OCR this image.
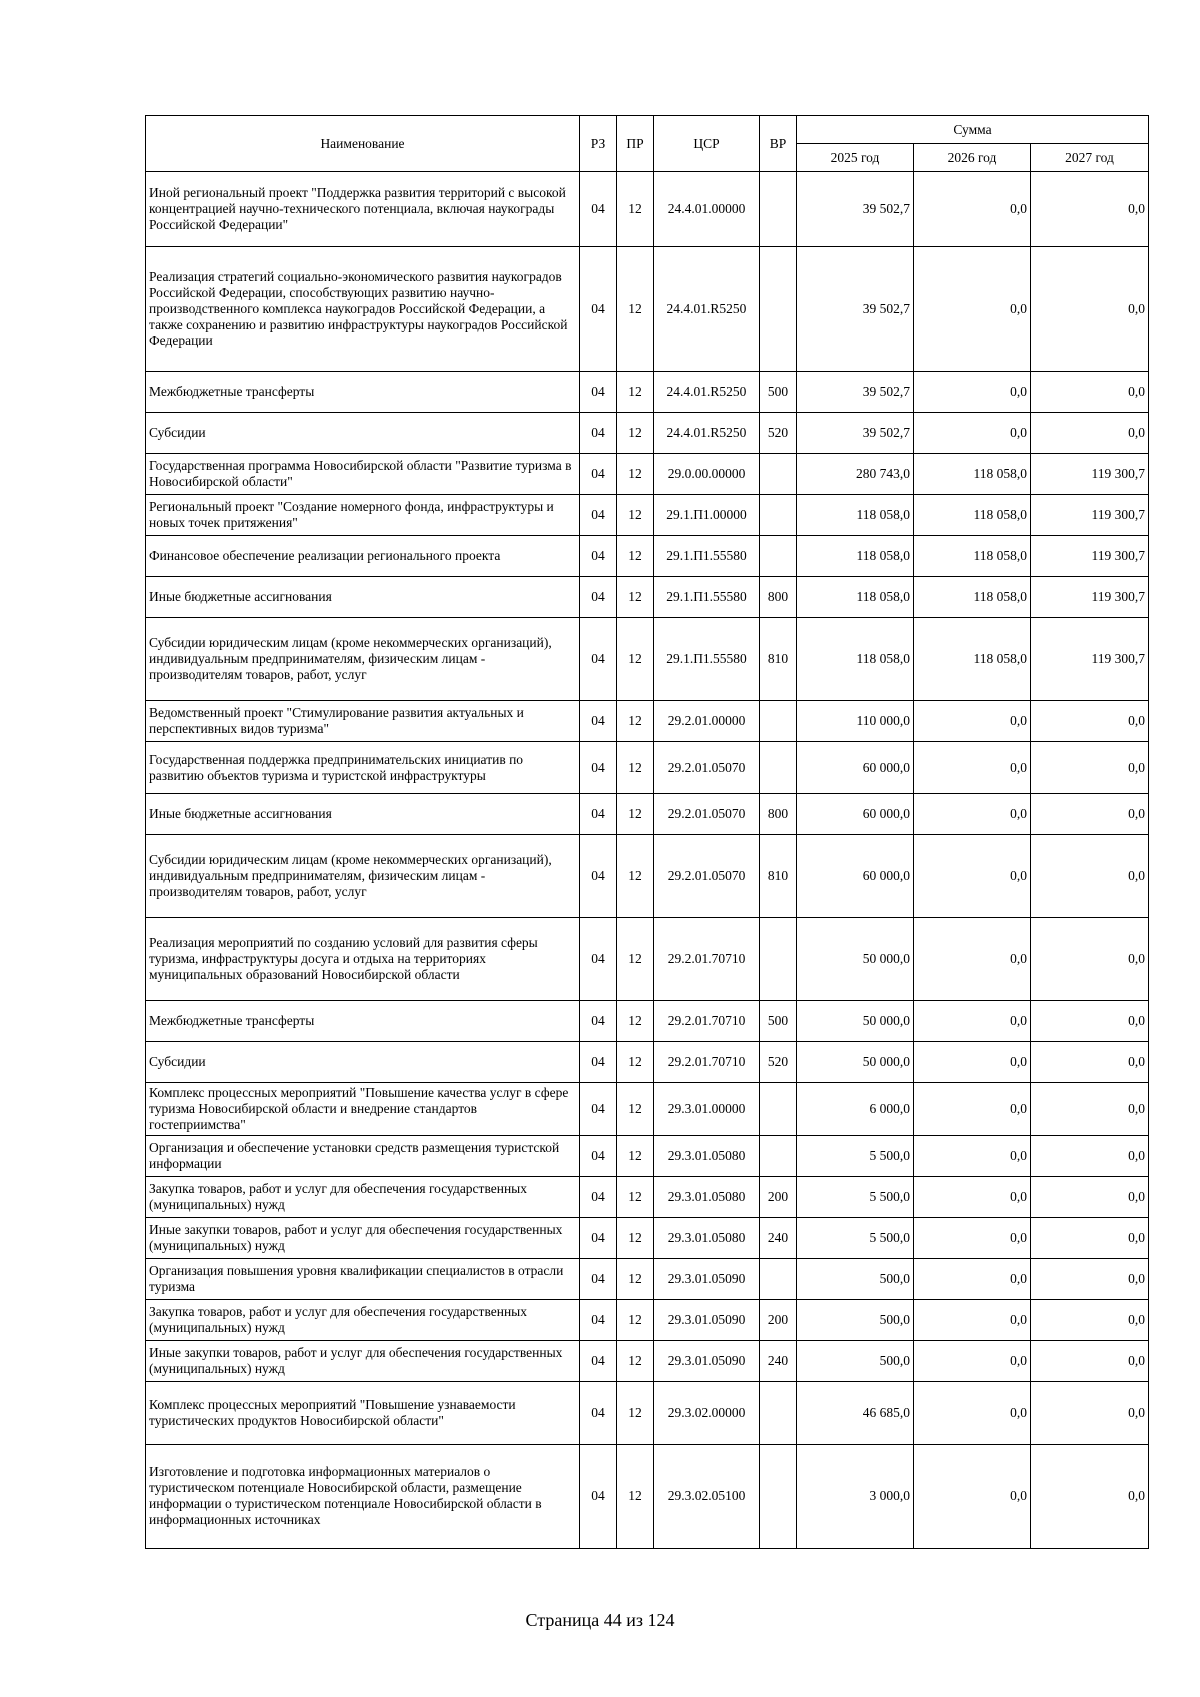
Наименование	РЗ	ПР	ЦСР	ВР	Сумма		
					2025 год	2026 год	2027 год
Иной региональный проект "Поддержка развития территорий с высокой концентрацией научно-технического потенциала, включая наукограды Российской Федерации"	04	12	24.4.01.00000		39 502,7	0,0	0,0
Реализация стратегий социально-экономического развития наукоградов Российской Федерации, способствующих развитию научно-производственного комплекса наукоградов Российской Федерации, а также сохранению и развитию инфраструктуры наукоградов Российской Федерации	04	12	24.4.01.R5250		39 502,7	0,0	0,0
Межбюджетные трансферты	04	12	24.4.01.R5250	500	39 502,7	0,0	0,0
Субсидии	04	12	24.4.01.R5250	520	39 502,7	0,0	0,0
Государственная программа Новосибирской области "Развитие туризма в Новосибирской области"	04	12	29.0.00.00000		280 743,0	118 058,0	119 300,7
Региональный проект "Создание номерного фонда, инфраструктуры и новых точек притяжения"	04	12	29.1.П1.00000		118 058,0	118 058,0	119 300,7
Финансовое обеспечение реализации регионального проекта	04	12	29.1.П1.55580		118 058,0	118 058,0	119 300,7
Иные бюджетные ассигнования	04	12	29.1.П1.55580	800	118 058,0	118 058,0	119 300,7
Субсидии юридическим лицам (кроме некоммерческих организаций), индивидуальным предпринимателям, физическим лицам - производителям товаров, работ, услуг	04	12	29.1.П1.55580	810	118 058,0	118 058,0	119 300,7
Ведомственный проект "Стимулирование развития актуальных и перспективных видов туризма"	04	12	29.2.01.00000		110 000,0	0,0	0,0
Государственная поддержка предпринимательских инициатив по развитию объектов туризма и туристской инфраструктуры	04	12	29.2.01.05070		60 000,0	0,0	0,0
Иные бюджетные ассигнования	04	12	29.2.01.05070	800	60 000,0	0,0	0,0
Субсидии юридическим лицам (кроме некоммерческих организаций), индивидуальным предпринимателям, физическим лицам - производителям товаров, работ, услуг	04	12	29.2.01.05070	810	60 000,0	0,0	0,0
Реализация мероприятий по созданию условий для развития сферы туризма, инфраструктуры досуга и отдыха на территориях муниципальных образований Новосибирской области	04	12	29.2.01.70710		50 000,0	0,0	0,0
Межбюджетные трансферты	04	12	29.2.01.70710	500	50 000,0	0,0	0,0
Субсидии	04	12	29.2.01.70710	520	50 000,0	0,0	0,0
Комплекс процессных мероприятий "Повышение качества услуг в сфере туризма Новосибирской области и внедрение стандартов гостеприимства"	04	12	29.3.01.00000		6 000,0	0,0	0,0
Организация и обеспечение установки средств размещения туристской информации	04	12	29.3.01.05080		5 500,0	0,0	0,0
Закупка товаров, работ и услуг для обеспечения государственных (муниципальных) нужд	04	12	29.3.01.05080	200	5 500,0	0,0	0,0
Иные закупки товаров, работ и услуг для обеспечения государственных (муниципальных) нужд	04	12	29.3.01.05080	240	5 500,0	0,0	0,0
Организация повышения уровня квалификации специалистов в отрасли туризма	04	12	29.3.01.05090		500,0	0,0	0,0
Закупка товаров, работ и услуг для обеспечения государственных (муниципальных) нужд	04	12	29.3.01.05090	200	500,0	0,0	0,0
Иные закупки товаров, работ и услуг для обеспечения государственных (муниципальных) нужд	04	12	29.3.01.05090	240	500,0	0,0	0,0
Комплекс процессных мероприятий "Повышение узнаваемости туристических продуктов Новосибирской области"	04	12	29.3.02.00000		46 685,0	0,0	0,0
Изготовление и подготовка информационных материалов о туристическом потенциале Новосибирской области, размещение информации о туристическом потенциале Новосибирской области в информационных источниках	04	12	29.3.02.05100		3 000,0	0,0	0,0
Страница 44 из 124
